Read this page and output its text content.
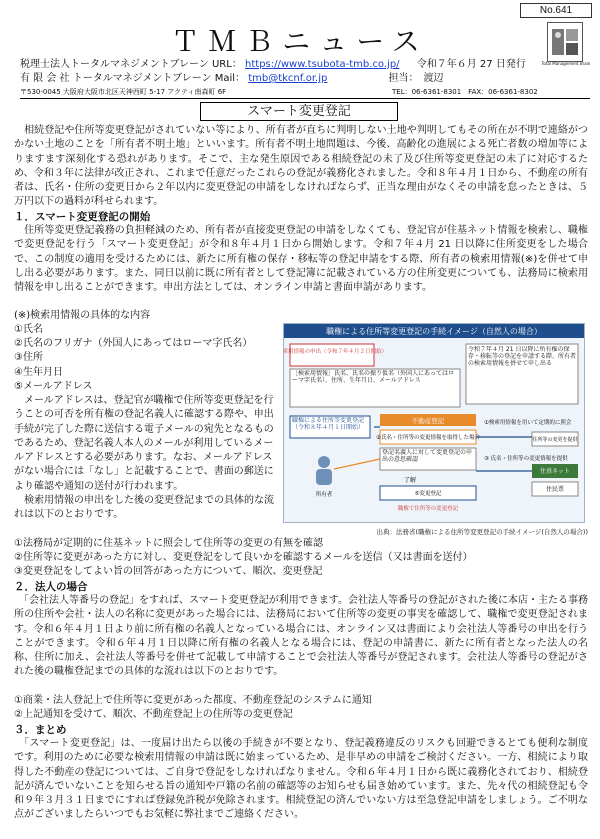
No.641
ＴＭＢニュース
Total Management Brain
税理士法人トータルマネジメントブレーン URL： https://www.tsubota-tmb.co.jp/ 令和７年６月 27 日発行
有 限 会 社 トータルマネジメントブレーン Mail： tmb@tkcnf.or.jp	担当：　渡辺
〒530-0045 大阪府大阪市北区天神西町 5-17 アクティ南森町 6F	TEL：06-6361-8301　FAX：06-6361-8302
スマート変更登記

　相続登記や住所等変更登記がされていない等により、所有者が直ちに判明しない土地や判明してもその所在が不明で連絡がつかない土地のことを「所有者不明土地」といいます。所有者不明土地問題は、今後、高齢化の進展による死亡者数の増加等によりますます深刻化する恐れがあります。そこで、主な発生原因である相続登記の未了及び住所等変更登記の未了に対応するため、令和３年に法律が改正され、これまで任意だったこれらの登記が義務化されました。令和８年４月１日から、不動産の所有者は、氏名・住所の変更日から２年以内に変更登記の申請をしなければならず、正当な理由がなくその申請を怠ったときは、５万円以下の過料が科せられます。

１．スマート変更登記の開始

　住所等変更登記義務の負担軽減のため、所有者が直接変更登記の申請をしなくても、登記官が住基ネット情報を検索し、職権で変更登記を行う「スマート変更登記」が令和８年４月１日から開始します。令和７年４月 21 日以降に住所変更をした場合で、この制度の適用を受けるためには、新たに所有権の保存・移転等の登記申請をする際、所有者の検索用情報(※)を併せて申し出る必要があります。また、同日以前に既に所有者として登記簿に記載されている方の住所変更についても、法務局に検索用情報を申し出ることができます。申出方法としては、オンライン申請と書面申請があります。

(※)検索用情報の具体的な内容
①氏名
②氏名のフリガナ（外国人にあってはローマ字氏名）
③住所
④生年月日
⑤メールアドレス

　メールアドレスは、登記官が職権で住所等変更登記を行うことの可否を所有権の登記名義人に確認する際や、申出手続が完了した際に送信する電子メールの宛先となるものであるため、登記名義人本人のメールが利用しているメールアドレスとする必要があります。なお、メールアドレスがない場合には「なし」と記載することで、書面の郵送により確認や通知の送付が行われます。

　検索用情報の申出をした後の変更登記までの具体的な流れは以下のとおりです。

職権による住所等変更登記の手続イメージ（自然人の場合）
検索用情報の申出（令和７年４月２日開始）
［検索用情報］氏名、氏名の振り仮名（外国人にあってはローマ字氏名）、住所、生年月日、メールアドレス
令和７年４月 21 日以降に所有権の保存・移転等の登記を申請する際、所有者の検索用情報を併せて申し出る
職権による住所等変更登記（令和８年４月１日開始）
不動産登記
②氏名・住所等の変更情報を取得した場合
登記名義人に対して変更登記の申出の意思確認
了解
⑤変更登記
職権で住所等の変更登記
①検索用情報を用いて定期的に照会
③ 氏名・住所等の変更情報を提供
住所等の変更を提供
住基ネット
住民票
所有者
出典：法務省(職権による住所等変更登記の手続イメージ(自然人の場合))
①法務局が定期的に住基ネットに照会して住所等の変更の有無を確認
②住所等に変更があった方に対し、変更登記をして良いかを確認するメールを送信（又は書面を送付）
③変更登記をしてよい旨の回答があった方について、順次、変更登記
２．法人の場合

　「会社法人等番号の登記」をすれば、スマート変更登記が利用できます。会社法人等番号の登記がされた後に本店・主たる事務所の住所や会社・法人の名称に変更があった場合には、法務局において住所等の変更の事実を確認して、職権で変更登記されます。令和６年４月１日より前に所有権の名義人となっている場合には、オンライン又は書面により会社法人等番号の申出を行うことができます。令和６年４月１日以降に所有権の名義人となる場合には、登記の申請書に、新たに所有者となった法人の名称、住所に加え、会社法人等番号を併せて記載して申請することで会社法人等番号が登記されます。会社法人等番号の登記がされた後の職権登記までの具体的な流れは以下のとおりです。

①商業・法人登記上で住所等に変更があった都度、不動産登記のシステムに通知
②上記通知を受けて、順次、不動産登記上の住所等の変更登記
３．まとめ

　「スマート変更登記」は、一度届け出たら以後の手続きが不要となり、登記義務違反のリスクも回避できるとても便利な制度です。利用のために必要な検索用情報の申請は既に始まっているため、是非早めの申請をご検討ください。一方、相続により取得した不動産の登記については、ご自身で登記をしなければなりません。令和６年４月１日から既に義務化されており、相続登記が済んでいないことを知らせる旨の通知や戸籍の名前の確認等のお知らせも届き始めています。また、先々代の相続登記も令和９年３月３１日までにすれば登録免許税が免除されます。相続登記の済んでいない方は至急登記申請をしましょう。ご不明な点がございましたらいつでもお気軽に弊社までご連絡ください。
